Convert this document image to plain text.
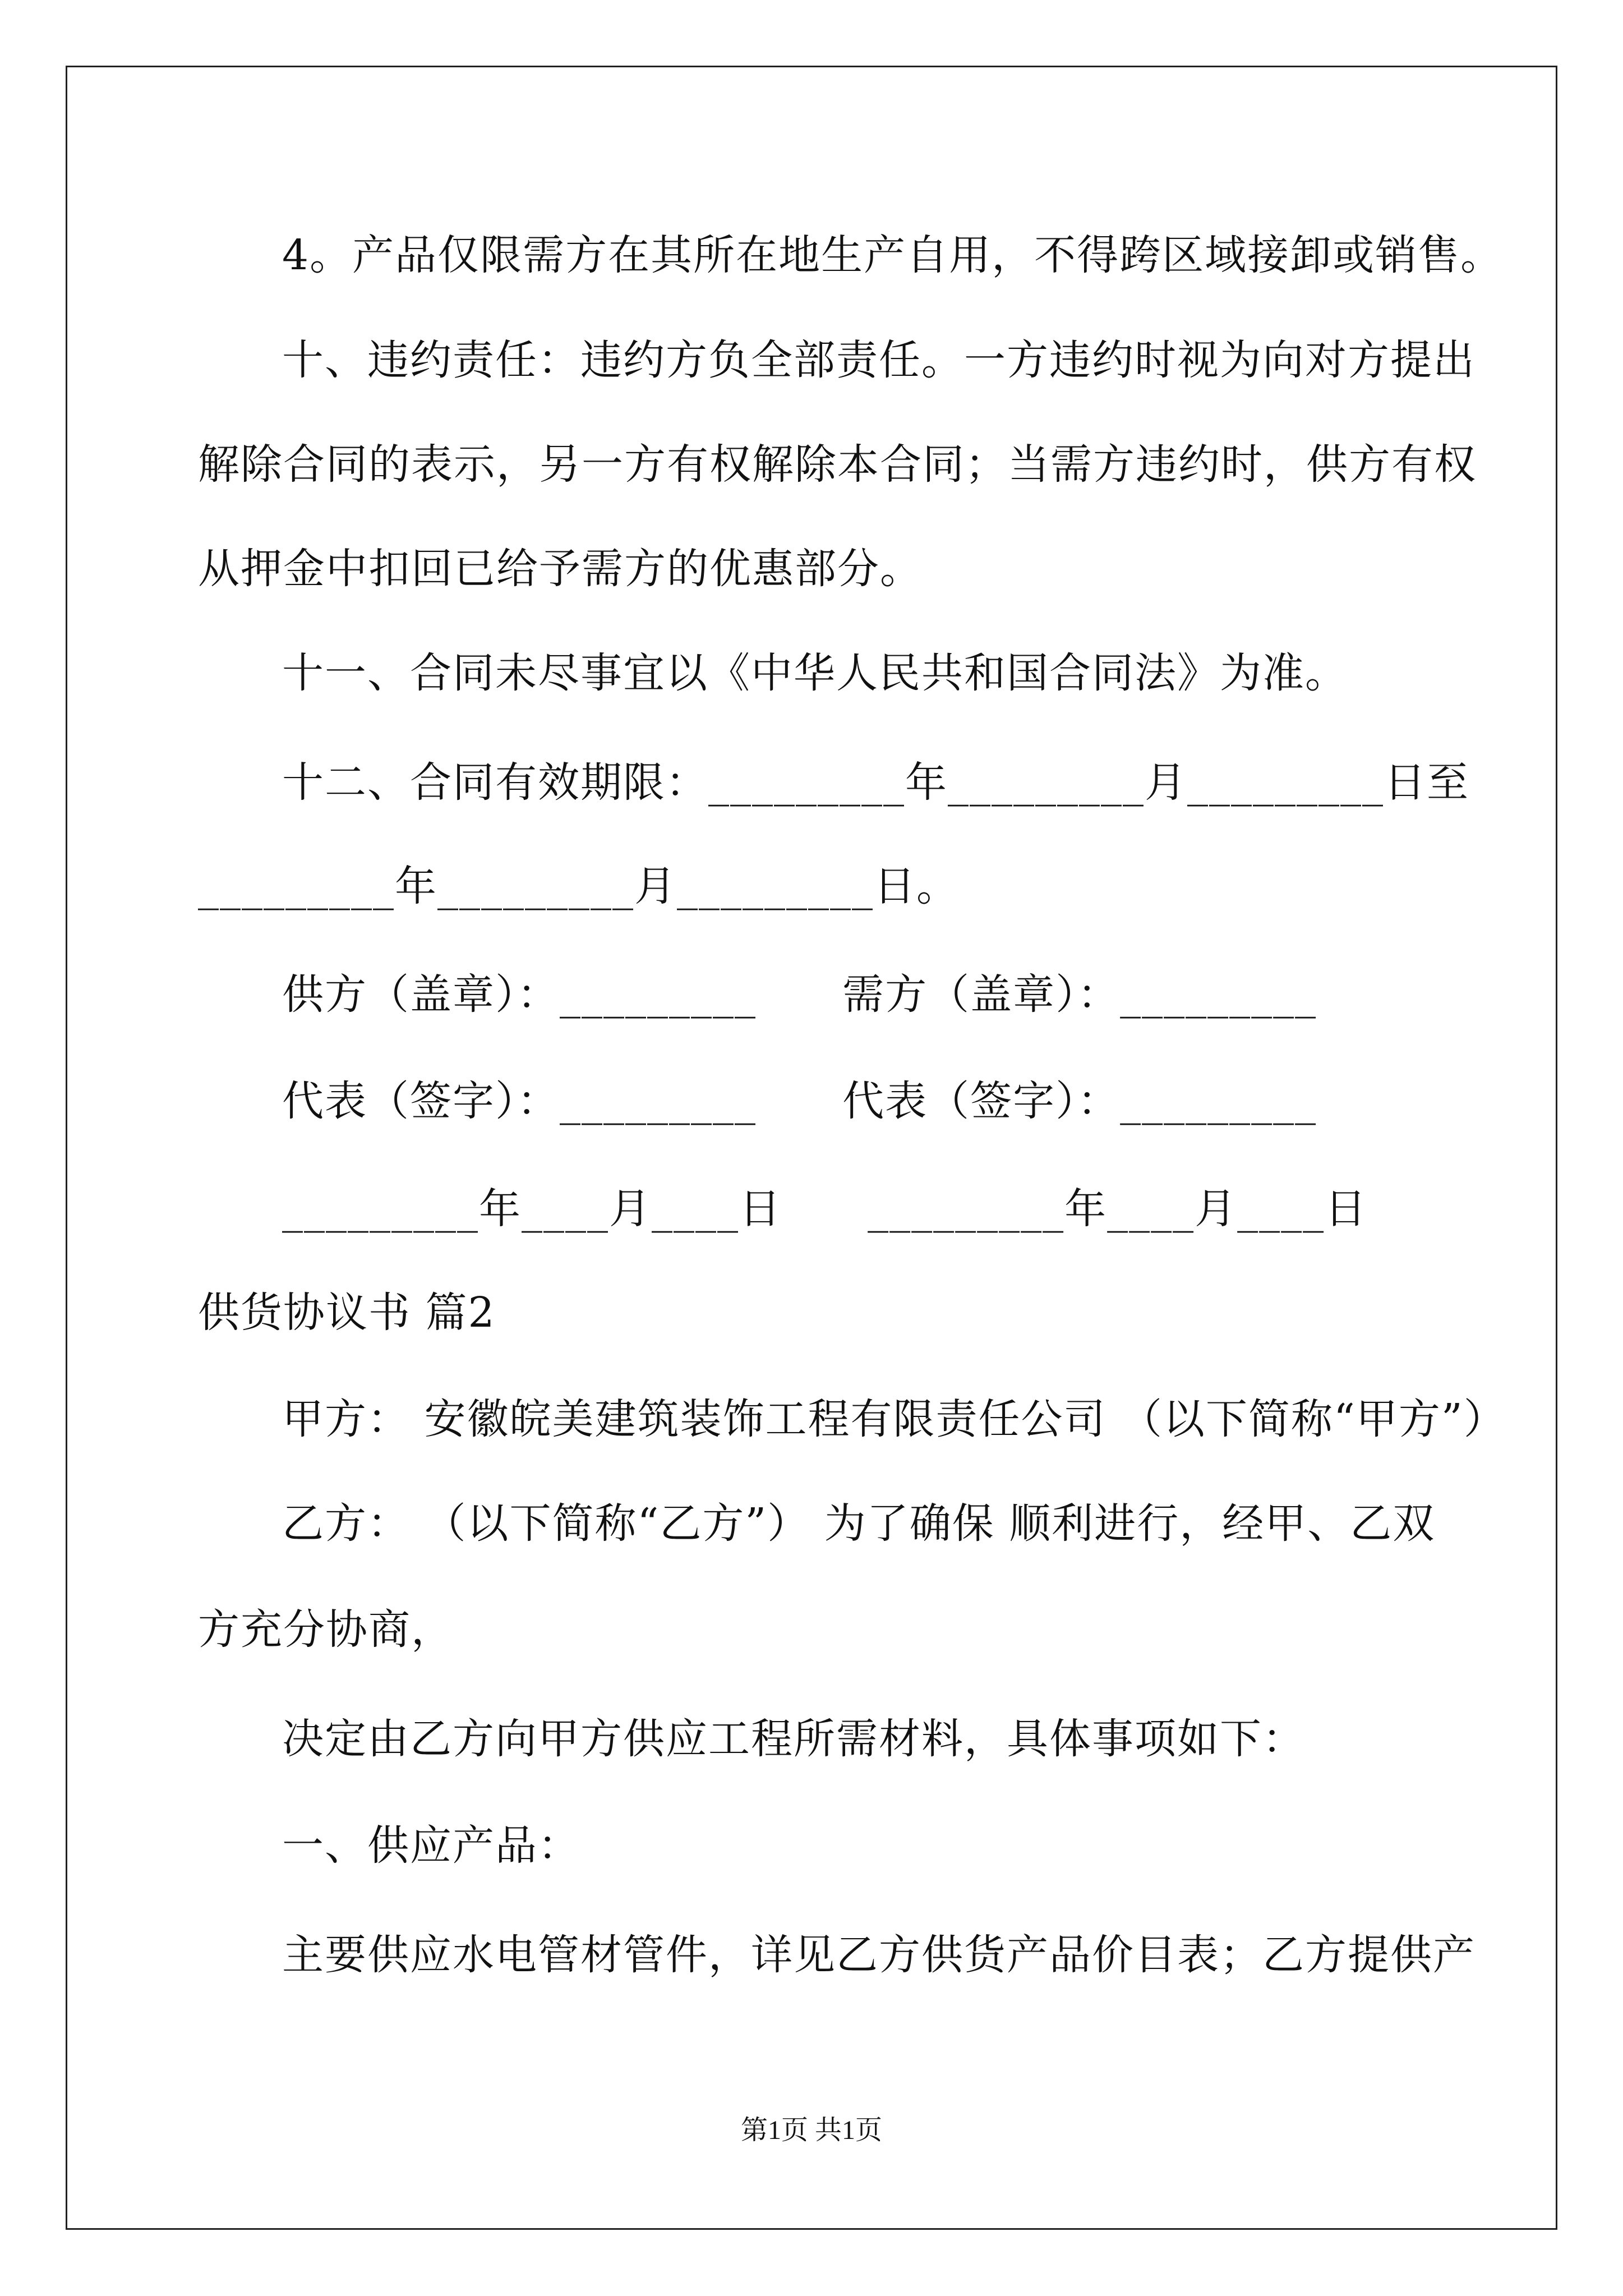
4。产品仅限需方在其所在地生产自用，不得跨区域接卸或销售。
十、违约责任：违约方负全部责任。一方违约时视为向对方提出
解除合同的表示，另一方有权解除本合同；当需方违约时，供方有权
从押金中扣回已给予需方的优惠部分。
十一、合同未尽事宜以《中华人民共和国合同法》为准。
十二、合同有效期限：_________年_________月_________日至
_________年_________月_________日。
供方（盖章）：_________      需方（盖章）：_________
代表（签字）：_________      代表（签字）：_________
_________年____月____日      _________年____月____日
供货协议书 篇2
甲方： 安徽皖美建筑装饰工程有限责任公司 （以下简称“甲方”）
乙方： （以下简称“乙方”） 为了确保 顺利进行，经甲、乙双
方充分协商，
决定由乙方向甲方供应工程所需材料，具体事项如下：
一、供应产品：
主要供应水电管材管件，详见乙方供货产品价目表；乙方提供产
第1页 共1页
